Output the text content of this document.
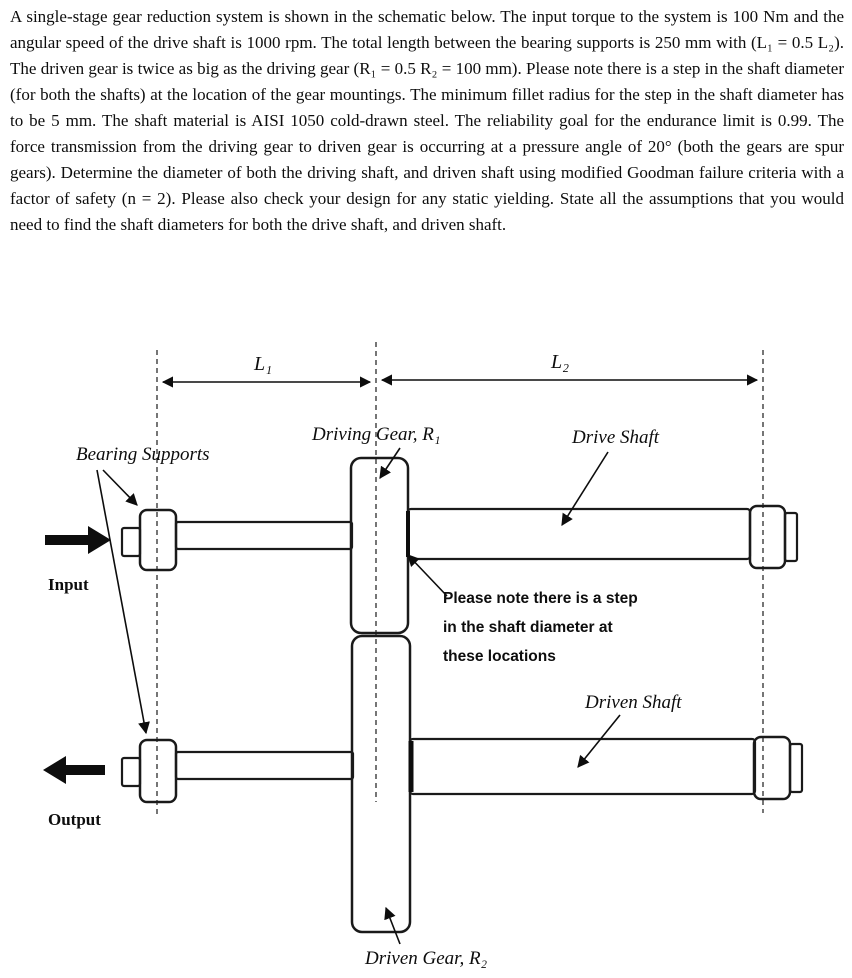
A single-stage gear reduction system is shown in the schematic below. The input torque to the system is 100 Nm and the angular speed of the drive shaft is 1000 rpm. The total length between the bearing supports is 250 mm with (L₁ = 0.5 L₂). The driven gear is twice as big as the driving gear (R₁ = 0.5 R₂ = 100 mm). Please note there is a step in the shaft diameter (for both the shafts) at the location of the gear mountings. The minimum fillet radius for the step in the shaft diameter has to be 5 mm. The shaft material is AISI 1050 cold-drawn steel. The reliability goal for the endurance limit is 0.99. The force transmission from the driving gear to driven gear is occurring at a pressure angle of 20° (both the gears are spur gears). Determine the diameter of both the driving shaft, and driven shaft using modified Goodman failure criteria with a factor of safety (n = 2). Please also check your design for any static yielding. State all the assumptions that you would need to find the shaft diameters for both the drive shaft, and driven shaft.

L₁	L₂
Driving Gear, R₁	Drive Shaft
Bearing Supports
Input
Output
Please note there is a step
in the shaft diameter at
these locations
Driven Shaft
Driven Gear, R₂
